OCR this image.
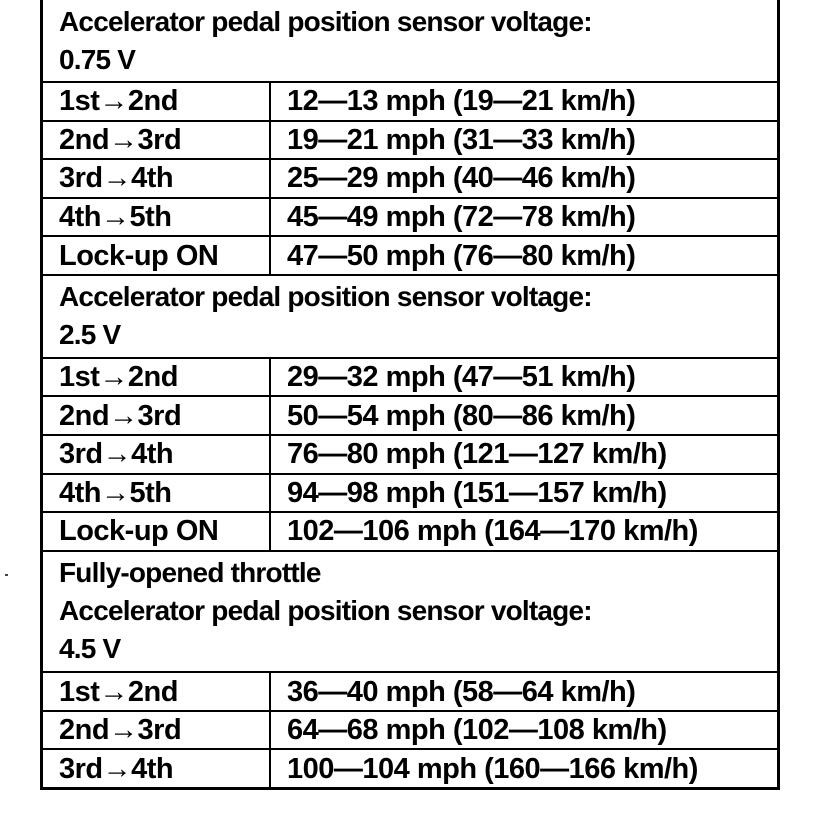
Accelerator pedal position sensor voltage:
0.75 V	

1st→2nd	12—13 mph (19—21 km/h)
2nd→3rd	19—21 mph (31—33 km/h)
3rd→4th	25—29 mph (40—46 km/h)
4th→5th	45—49 mph (72—78 km/h)
Lock-up ON	47—50 mph (76—80 km/h)

Accelerator pedal position sensor voltage:
2.5 V	

1st→2nd	29—32 mph (47—51 km/h)
2nd→3rd	50—54 mph (80—86 km/h)
3rd→4th	76—80 mph (121—127 km/h)
4th→5th	94—98 mph (151—157 km/h)
Lock-up ON	102—106 mph (164—170 km/h)

Fully-opened throttle
Accelerator pedal position sensor voltage:
4.5 V	

1st→2nd	36—40 mph (58—64 km/h)
2nd→3rd	64—68 mph (102—108 km/h)
3rd→4th	100—104 mph (160—166 km/h)
